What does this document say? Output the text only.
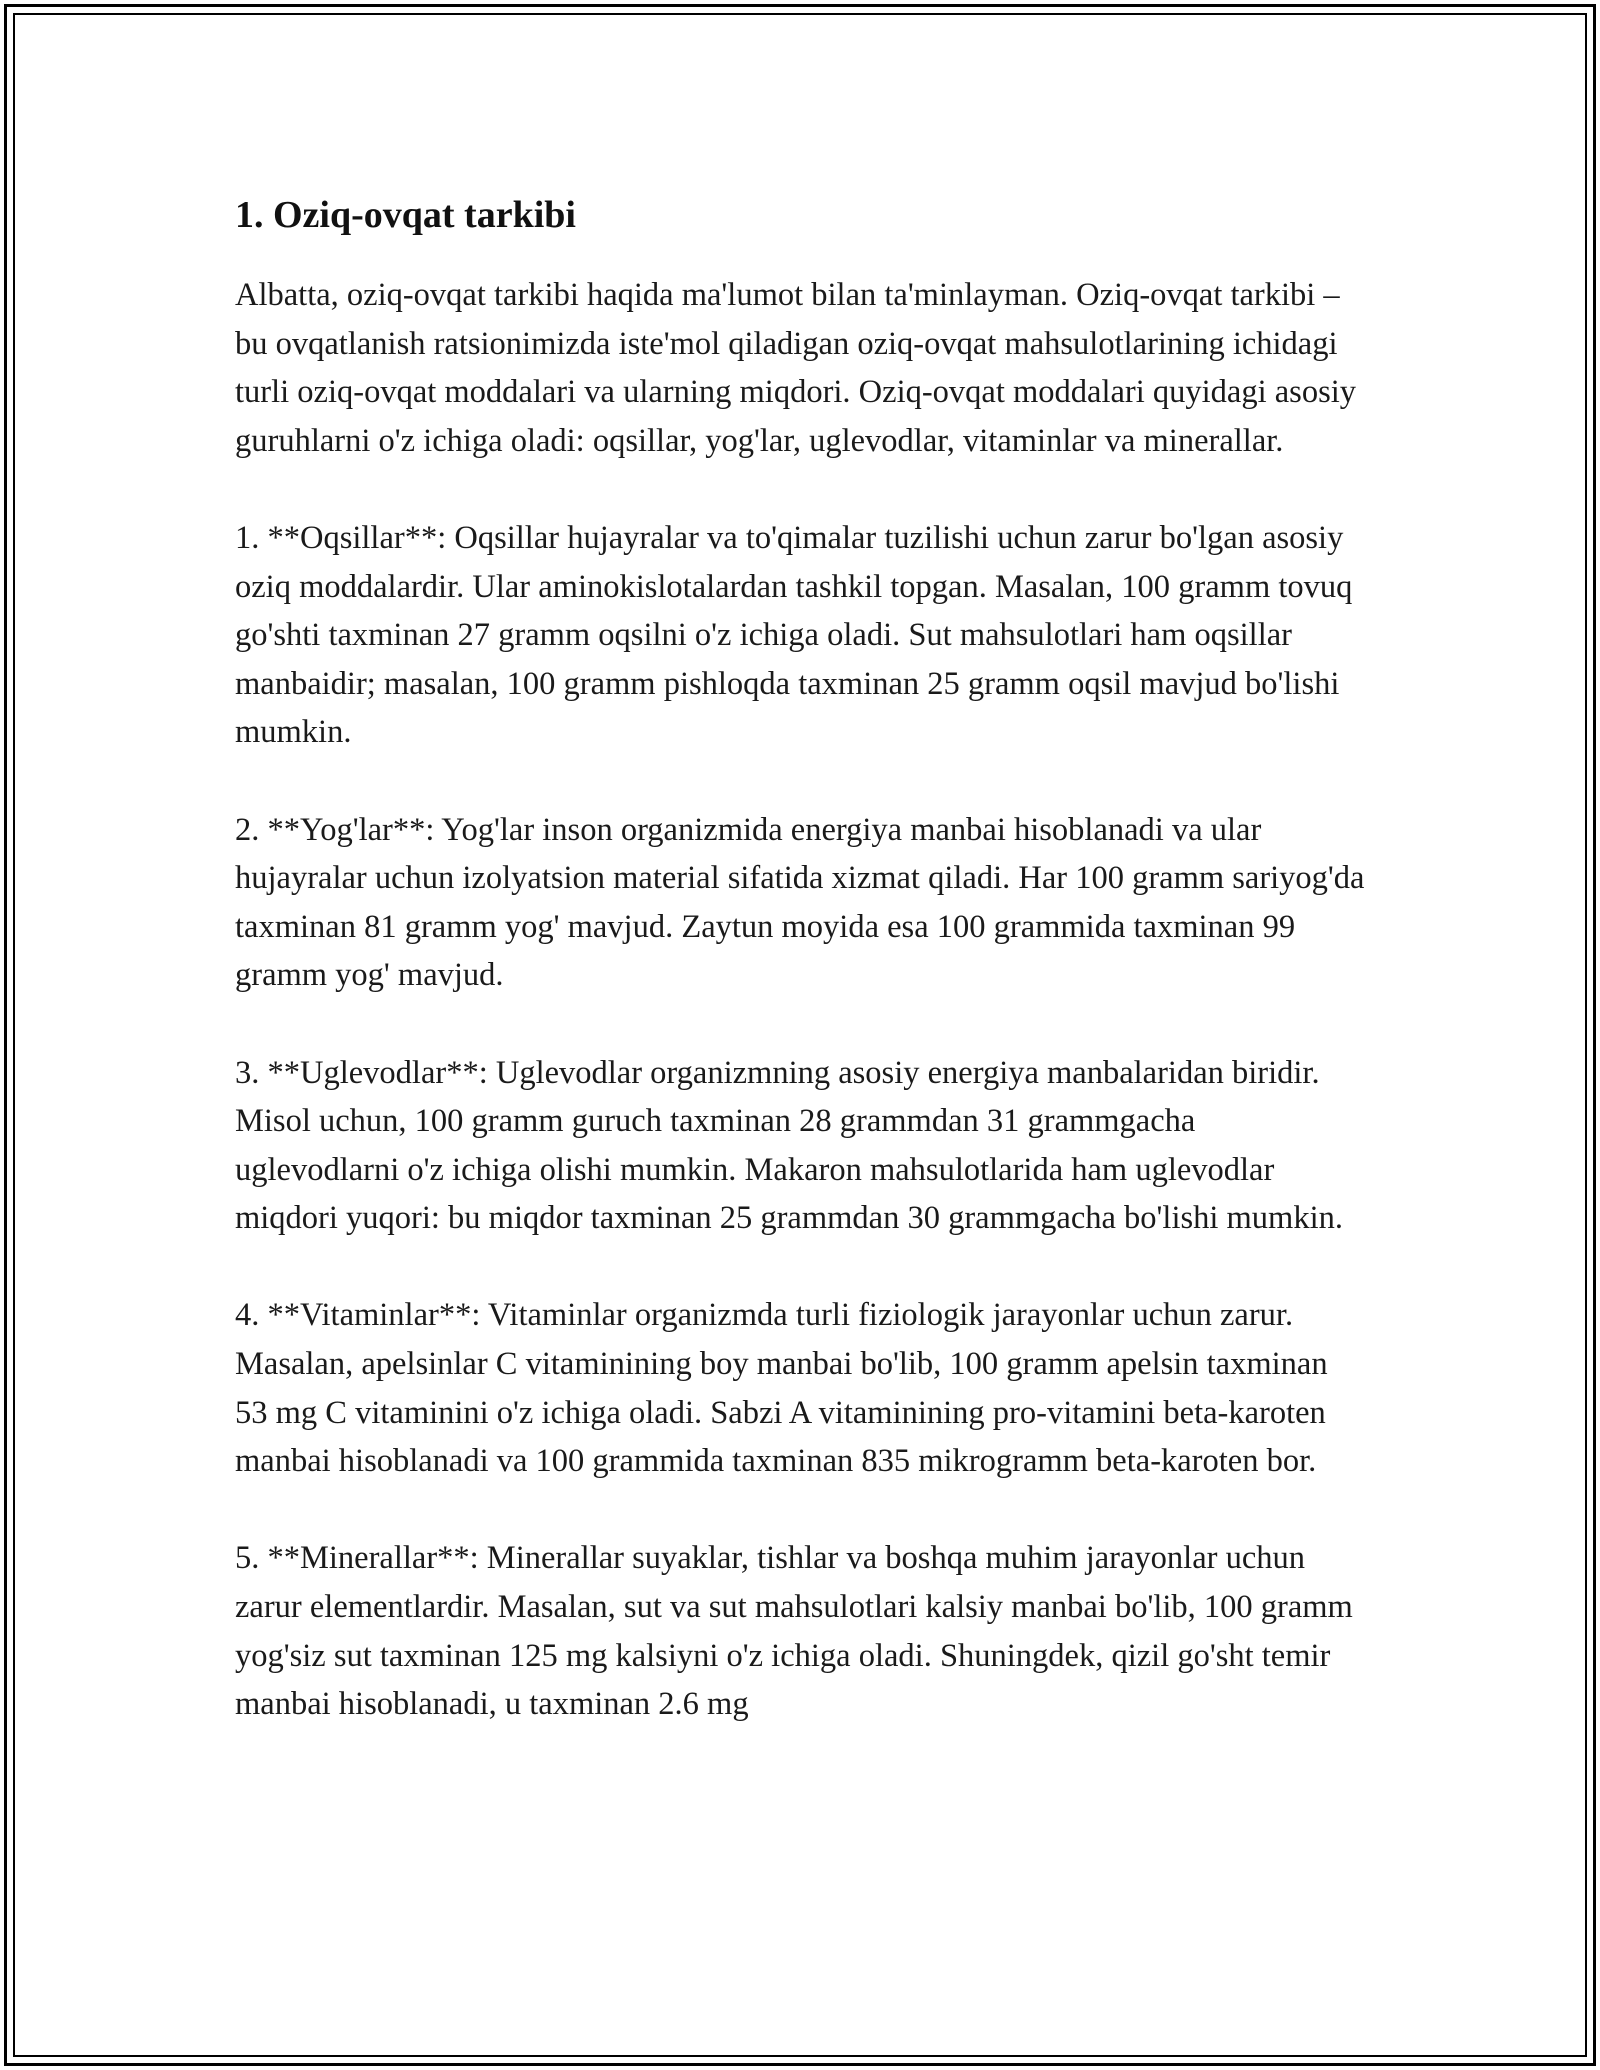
1. Oziq-ovqat tarkibi

Albatta, oziq-ovqat tarkibi haqida ma'lumot bilan ta'minlayman. Oziq-ovqat tarkibi – bu ovqatlanish ratsionimizda iste'mol qiladigan oziq-ovqat mahsulotlarining ichidagi turli oziq-ovqat moddalari va ularning miqdori. Oziq-ovqat moddalari quyidagi asosiy guruhlarni o'z ichiga oladi: oqsillar, yog'lar, uglevodlar, vitaminlar va minerallar.

1. **Oqsillar**: Oqsillar hujayralar va to'qimalar tuzilishi uchun zarur bo'lgan asosiy oziq moddalardir. Ular aminokislotalardan tashkil topgan. Masalan, 100 gramm tovuq go'shti taxminan 27 gramm oqsilni o'z ichiga oladi. Sut mahsulotlari ham oqsillar manbaidir; masalan, 100 gramm pishloqda taxminan 25 gramm oqsil mavjud bo'lishi mumkin.

2. **Yog'lar**: Yog'lar inson organizmida energiya manbai hisoblanadi va ular hujayralar uchun izolyatsion material sifatida xizmat qiladi. Har 100 gramm sariyog'da taxminan 81 gramm yog' mavjud. Zaytun moyida esa 100 grammida taxminan 99 gramm yog' mavjud.

3. **Uglevodlar**: Uglevodlar organizmning asosiy energiya manbalaridan biridir. Misol uchun, 100 gramm guruch taxminan 28 grammdan 31 grammgacha uglevodlarni o'z ichiga olishi mumkin. Makaron mahsulotlarida ham uglevodlar miqdori yuqori: bu miqdor taxminan 25 grammdan 30 grammgacha bo'lishi mumkin.

4. **Vitaminlar**: Vitaminlar organizmda turli fiziologik jarayonlar uchun zarur. Masalan, apelsinlar C vitaminining boy manbai bo'lib, 100 gramm apelsin taxminan 53 mg C vitaminini o'z ichiga oladi. Sabzi A vitaminining pro-vitamini beta-karoten manbai hisoblanadi va 100 grammida taxminan 835 mikrogramm beta-karoten bor.

5. **Minerallar**: Minerallar suyaklar, tishlar va boshqa muhim jarayonlar uchun zarur elementlardir. Masalan, sut va sut mahsulotlari kalsiy manbai bo'lib, 100 gramm yog'siz sut taxminan 125 mg kalsiyni o'z ichiga oladi. Shuningdek, qizil go'sht temir manbai hisoblanadi, u taxminan 2.6 mg
